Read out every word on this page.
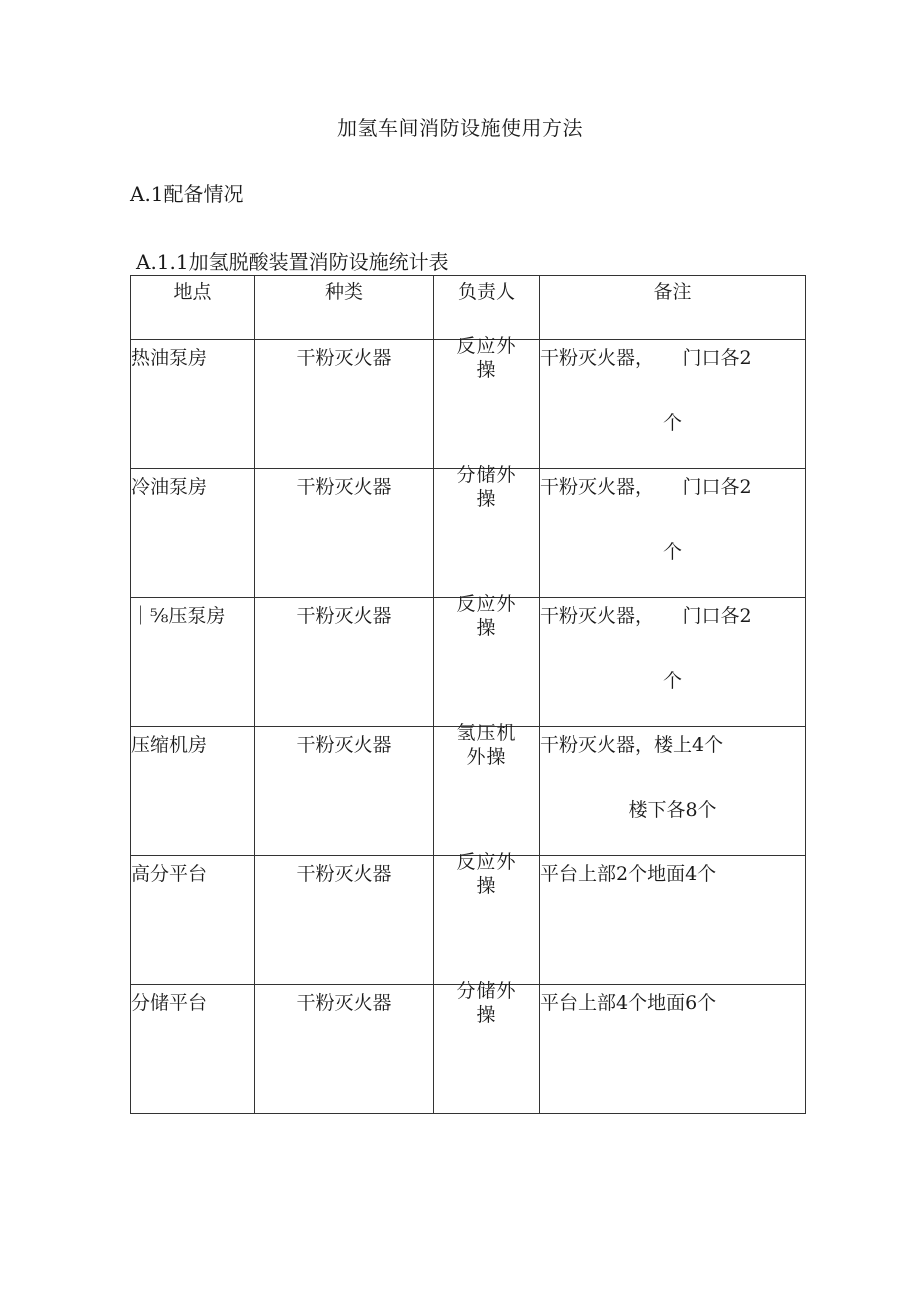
加氢车间消防设施使用方法
A.1配备情况
A.1.1加氢脱酸装置消防设施统计表
地点	种类	负责人	备注
热油泵房	干粉灭火器	反应外操	干粉灭火器，　　门口各2
个

冷油泵房	干粉灭火器	分储外操	干粉灭火器，　　门口各2
个

｜⅝压泵房	干粉灭火器	反应外操	干粉灭火器，　　门口各2
个

压缩机房	干粉灭火器	氢压机外操	干粉灭火器，楼上4个
楼下各8个

高分平台	干粉灭火器	反应外操	平台上部2个地面4个

分储平台	干粉灭火器	分储外操	平台上部4个地面6个
